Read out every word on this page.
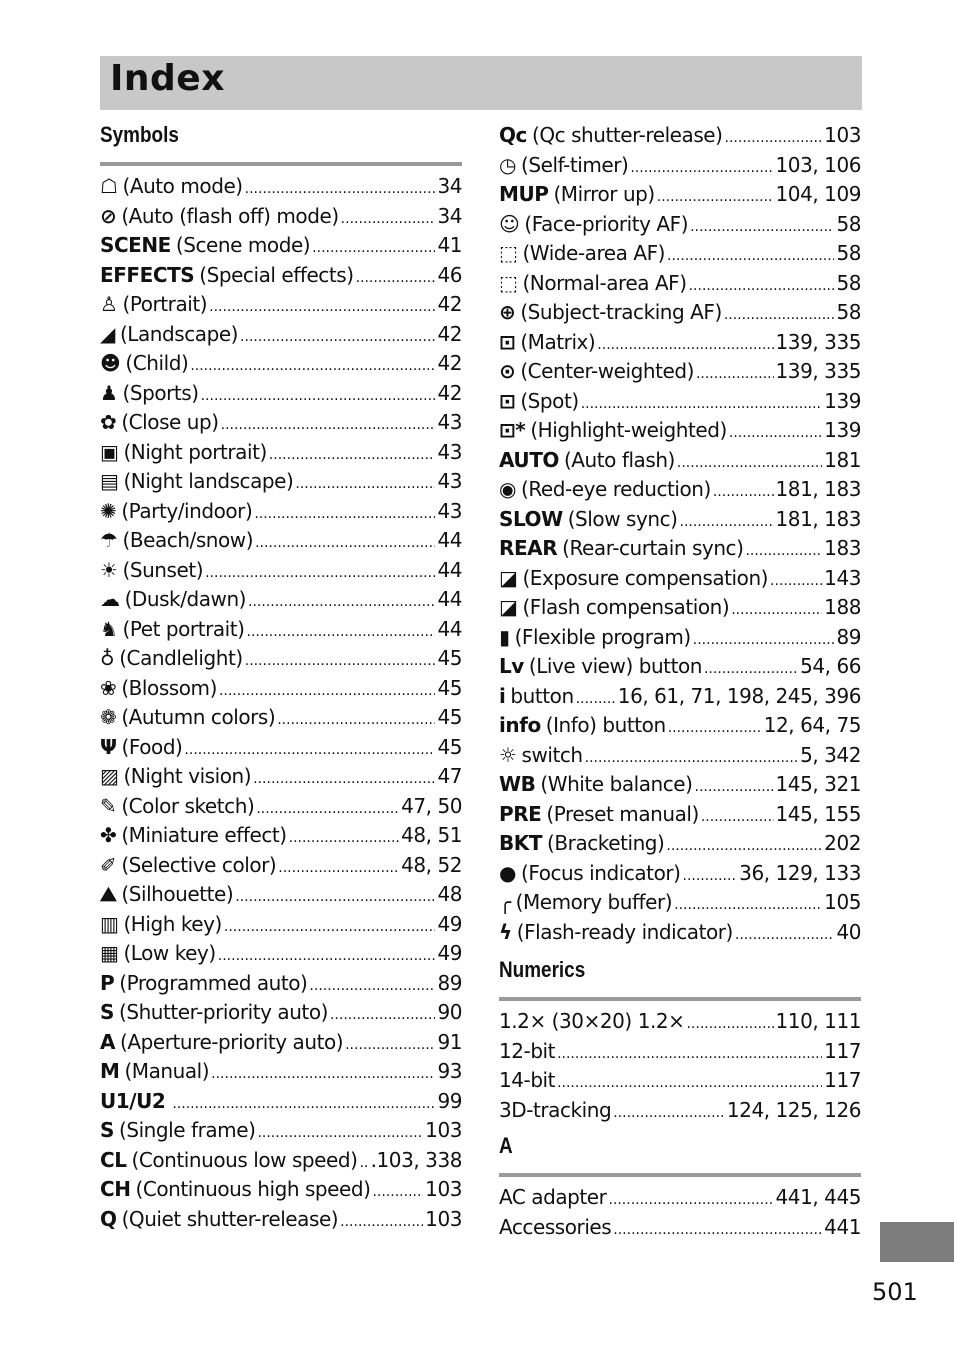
Index
Symbols
☖ (Auto mode) .....	34
⊘ (Auto (flash off) mode) .....	34
SCENE (Scene mode) .....	41
EFFECTS (Special effects) .....	46
♙ (Portrait) .....	42
◢ (Landscape) .....	42
☻ (Child) .....	42
♟ (Sports) .....	42
✿ (Close up) .....	43
▣ (Night portrait) .....	43
▤ (Night landscape) .....	43
✺ (Party/indoor) .....	43
☂ (Beach/snow) .....	44
☀ (Sunset) .....	44
☁ (Dusk/dawn) .....	44
♞ (Pet portrait) .....	44
♁ (Candlelight) .....	45
❀ (Blossom) .....	45
❁ (Autumn colors) .....	45
Ψ (Food) .....	45
▨ (Night vision) .....	47
✎ (Color sketch) .....	47, 50
✤ (Miniature effect) .....	48, 51
✐ (Selective color) .....	48, 52
⛰ (Silhouette) .....	48
▥ (High key) .....	49
▦ (Low key) .....	49
P (Programmed auto) .....	89
S (Shutter-priority auto) .....	90
A (Aperture-priority auto) .....	91
M (Manual) .....	93
U1/U2 .....	99
S (Single frame) .....	103
CL (Continuous low speed) ..... .103, 338
CH (Continuous high speed) .....	103
Q (Quiet shutter-release) .....	103
Qc (Qc shutter-release) .....	103
◷ (Self-timer) .....	103, 106
MUP (Mirror up) .....	104, 109
☺ (Face-priority AF) .....	58
⬚ (Wide-area AF) .....	58
⬚ (Normal-area AF) .....	58
⊕ (Subject-tracking AF) .....	58
⊡ (Matrix) .....	139, 335
⊙ (Center-weighted) .....	139, 335
⊡ (Spot) .....	139
⊡* (Highlight-weighted) .....	139
AUTO (Auto flash) .....	181
◉ (Red-eye reduction) .....	181, 183
SLOW (Slow sync) .....	181, 183
REAR (Rear-curtain sync) .....	183
◪ (Exposure compensation) .....	143
◪ (Flash compensation) .....	188
▮ (Flexible program) .....	89
Lv (Live view) button .....	54, 66
i button ..... 16, 61, 71, 198, 245, 396
info (Info) button .....	12, 64, 75
☼ switch .....	5, 342
WB (White balance) .....	145, 321
PRE (Preset manual) .....	145, 155
BKT (Bracketing) .....	202
● (Focus indicator) .....	36, 129, 133
╭ (Memory buffer) .....	105
ϟ (Flash-ready indicator) .....	40
Numerics
1.2× (30×20) 1.2× .....	110, 111
12-bit .....	117
14-bit .....	117
3D-tracking .....	124, 125, 126
A
AC adapter .....	441, 445
Accessories .....	441
501
